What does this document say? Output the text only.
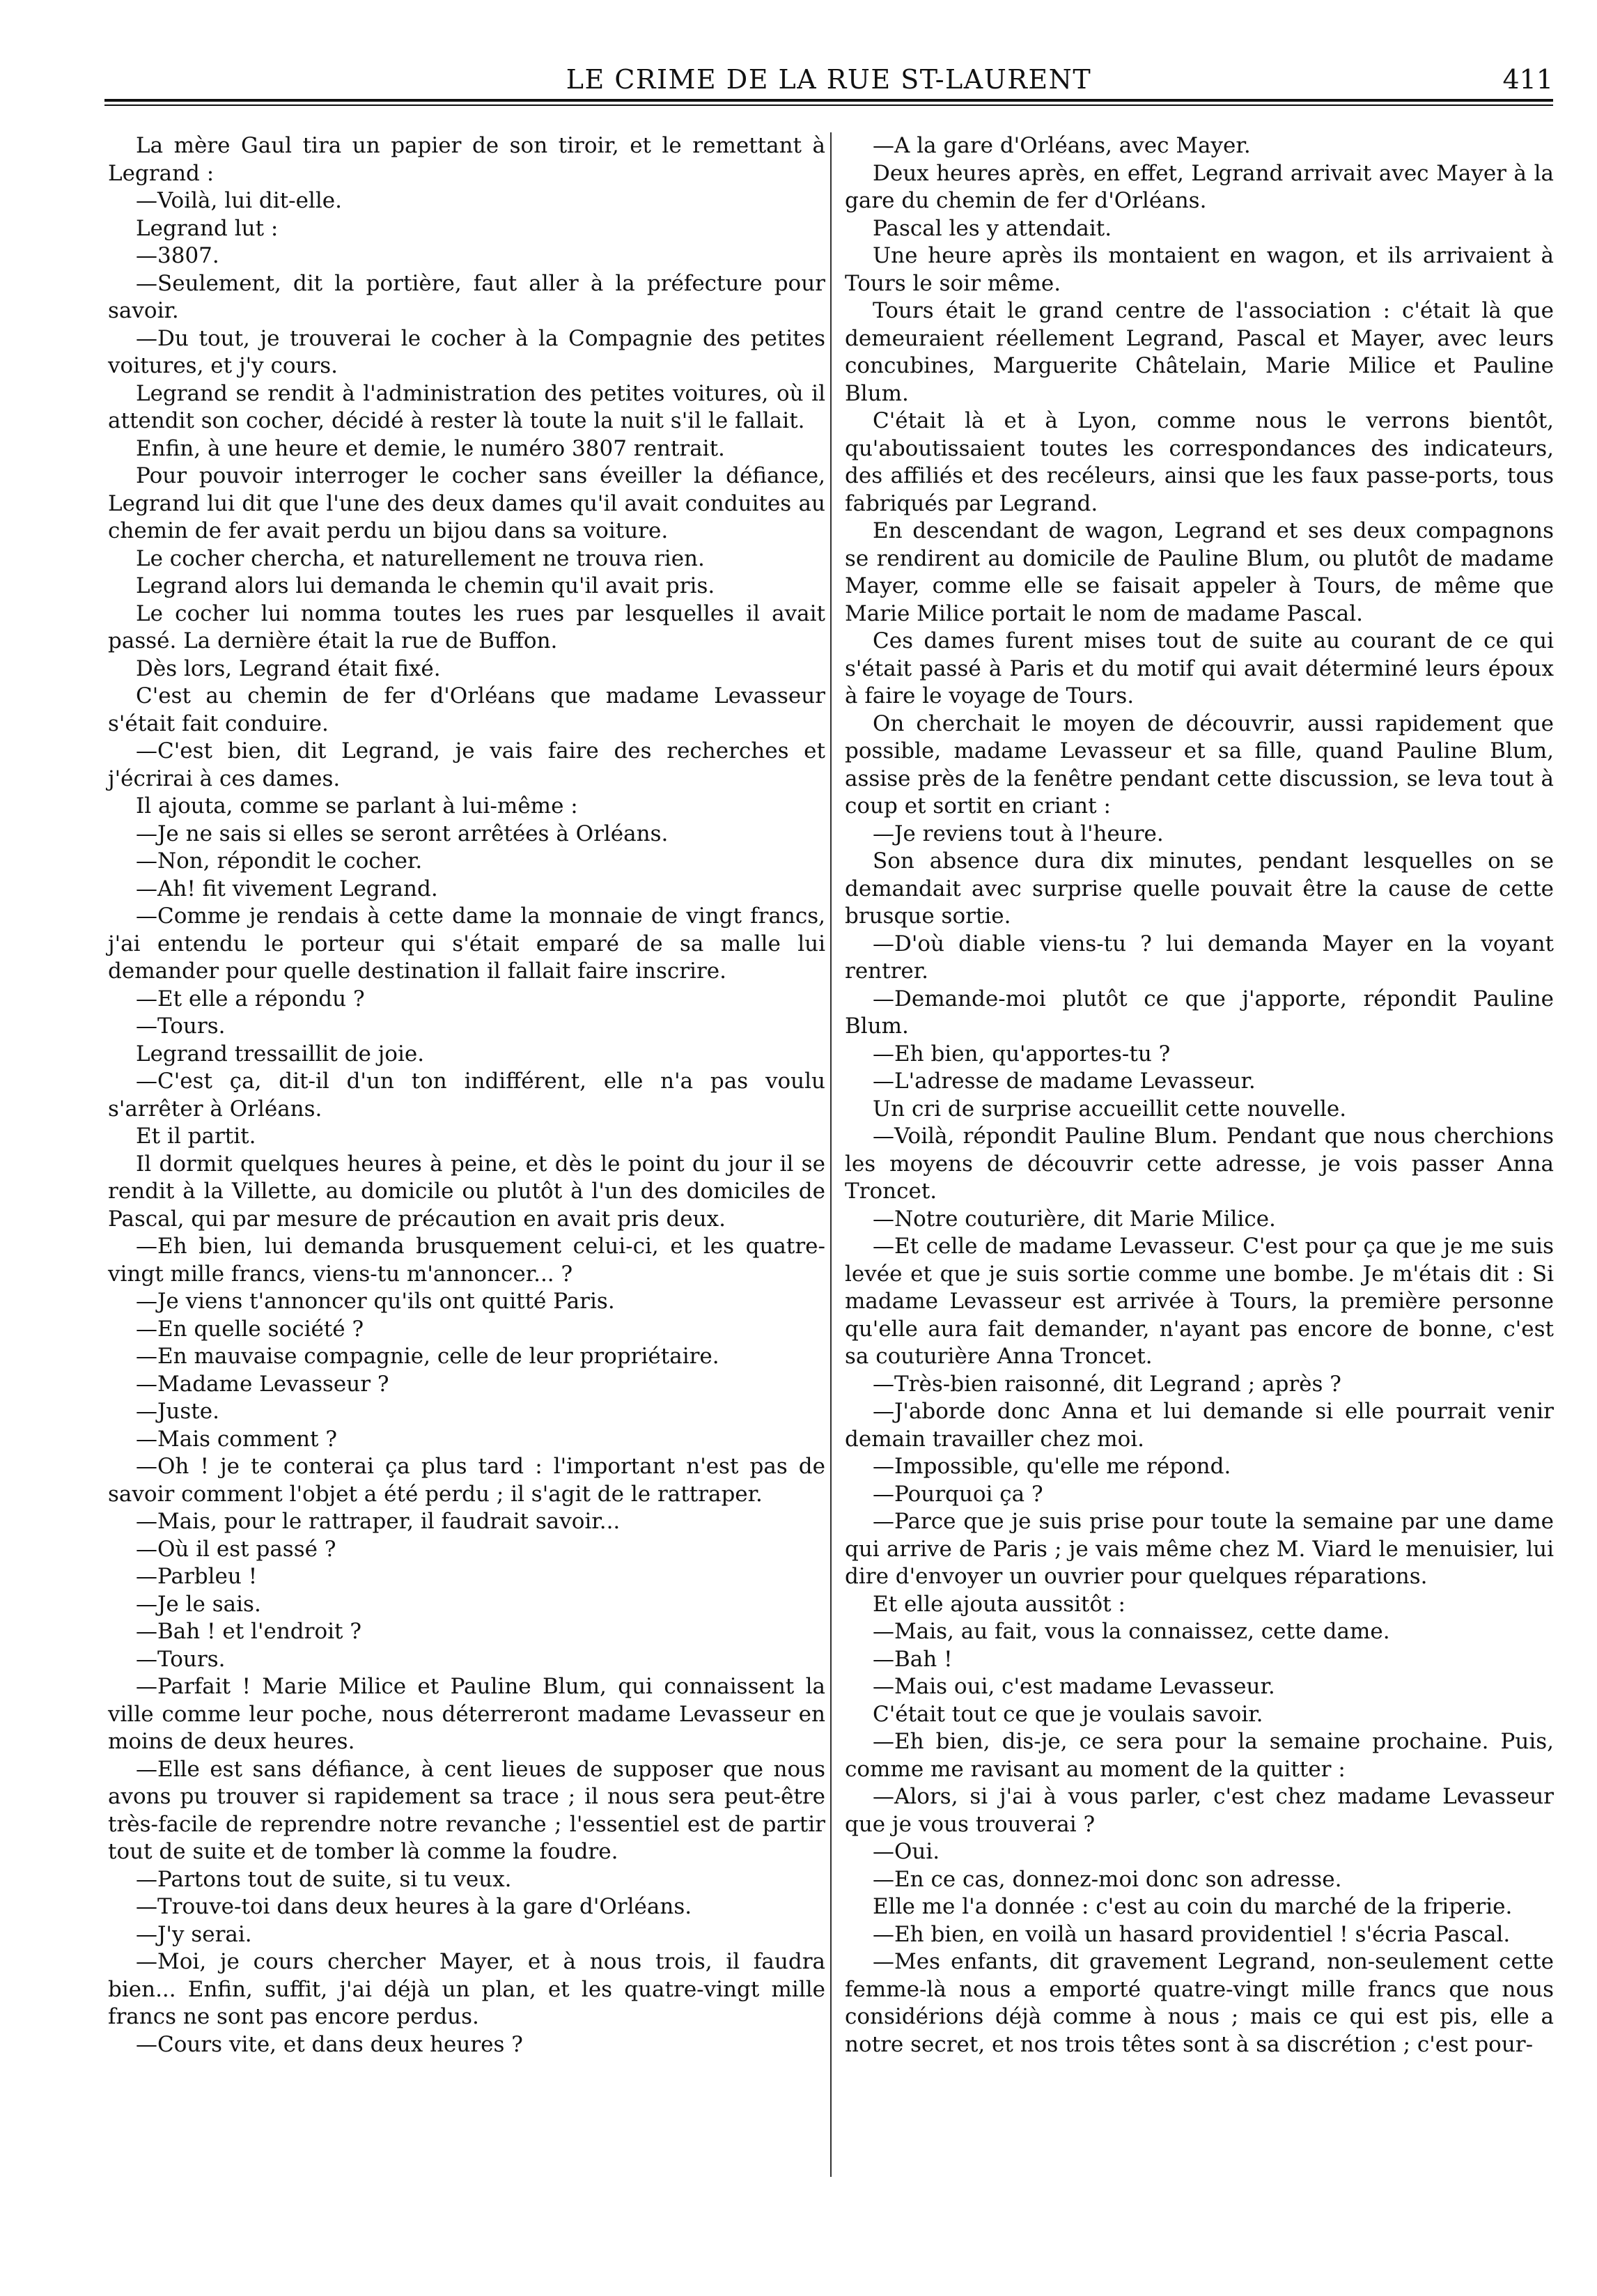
LE CRIME DE LA RUE ST-LAURENT	411

La mère Gaul tira un papier de son tiroir, et le remettant à Legrand :

—Voilà, lui dit-elle.

Legrand lut :

—3807.

—Seulement, dit la portière, faut aller à la préfecture pour savoir.

—Du tout, je trouverai le cocher à la Compagnie des petites voitures, et j'y cours.

Legrand se rendit à l'administration des petites voitures, où il attendit son cocher, décidé à rester là toute la nuit s'il le fallait.

Enfin, à une heure et demie, le numéro 3807 rentrait.

Pour pouvoir interroger le cocher sans éveiller la défiance, Legrand lui dit que l'une des deux dames qu'il avait conduites au chemin de fer avait perdu un bijou dans sa voiture.

Le cocher chercha, et naturellement ne trouva rien.

Legrand alors lui demanda le chemin qu'il avait pris.

Le cocher lui nomma toutes les rues par lesquelles il avait passé. La dernière était la rue de Buffon.

Dès lors, Legrand était fixé.

C'est au chemin de fer d'Orléans que madame Levasseur s'était fait conduire.

—C'est bien, dit Legrand, je vais faire des recherches et j'écrirai à ces dames.

Il ajouta, comme se parlant à lui-même :

—Je ne sais si elles se seront arrêtées à Orléans.

—Non, répondit le cocher.

—Ah! fit vivement Legrand.

—Comme je rendais à cette dame la monnaie de vingt francs, j'ai entendu le porteur qui s'était emparé de sa malle lui demander pour quelle destination il fallait faire inscrire.

—Et elle a répondu ?

—Tours.

Legrand tressaillit de joie.

—C'est ça, dit-il d'un ton indifférent, elle n'a pas voulu s'arrêter à Orléans.

Et il partit.

Il dormit quelques heures à peine, et dès le point du jour il se rendit à la Villette, au domicile ou plutôt à l'un des domiciles de Pascal, qui par mesure de précaution en avait pris deux.

—Eh bien, lui demanda brusquement celui-ci, et les quatre-vingt mille francs, viens-tu m'annoncer... ?

—Je viens t'annoncer qu'ils ont quitté Paris.

—En quelle société ?

—En mauvaise compagnie, celle de leur propriétaire.

—Madame Levasseur ?

—Juste.

—Mais comment ?

—Oh ! je te conterai ça plus tard : l'important n'est pas de savoir comment l'objet a été perdu ; il s'agit de le rattraper.

—Mais, pour le rattraper, il faudrait savoir...

—Où il est passé ?

—Parbleu !

—Je le sais.

—Bah ! et l'endroit ?

—Tours.

—Parfait ! Marie Milice et Pauline Blum, qui connaissent la ville comme leur poche, nous déterreront madame Levasseur en moins de deux heures.

—Elle est sans défiance, à cent lieues de supposer que nous avons pu trouver si rapidement sa trace ; il nous sera peut-être très-facile de reprendre notre revanche ; l'essentiel est de partir tout de suite et de tomber là comme la foudre.

—Partons tout de suite, si tu veux.

—Trouve-toi dans deux heures à la gare d'Orléans.

—J'y serai.

—Moi, je cours chercher Mayer, et à nous trois, il faudra bien... Enfin, suffit, j'ai déjà un plan, et les quatre-vingt mille francs ne sont pas encore perdus.

—Cours vite, et dans deux heures ?

—A la gare d'Orléans, avec Mayer.

Deux heures après, en effet, Legrand arrivait avec Mayer à la gare du chemin de fer d'Orléans.

Pascal les y attendait.

Une heure après ils montaient en wagon, et ils arrivaient à Tours le soir même.

Tours était le grand centre de l'association : c'était là que demeuraient réellement Legrand, Pascal et Mayer, avec leurs concubines, Marguerite Châtelain, Marie Milice et Pauline Blum.

C'était là et à Lyon, comme nous le verrons bientôt, qu'aboutissaient toutes les correspondances des indicateurs, des affiliés et des recéleurs, ainsi que les faux passe-ports, tous fabriqués par Legrand.

En descendant de wagon, Legrand et ses deux compagnons se rendirent au domicile de Pauline Blum, ou plutôt de madame Mayer, comme elle se faisait appeler à Tours, de même que Marie Milice portait le nom de madame Pascal.

Ces dames furent mises tout de suite au courant de ce qui s'était passé à Paris et du motif qui avait déterminé leurs époux à faire le voyage de Tours.

On cherchait le moyen de découvrir, aussi rapidement que possible, madame Levasseur et sa fille, quand Pauline Blum, assise près de la fenêtre pendant cette discussion, se leva tout à coup et sortit en criant :

—Je reviens tout à l'heure.

Son absence dura dix minutes, pendant lesquelles on se demandait avec surprise quelle pouvait être la cause de cette brusque sortie.

—D'où diable viens-tu ? lui demanda Mayer en la voyant rentrer.

—Demande-moi plutôt ce que j'apporte, répondit Pauline Blum.

—Eh bien, qu'apportes-tu ?

—L'adresse de madame Levasseur.

Un cri de surprise accueillit cette nouvelle.

—Voilà, répondit Pauline Blum. Pendant que nous cherchions les moyens de découvrir cette adresse, je vois passer Anna Troncet.

—Notre couturière, dit Marie Milice.

—Et celle de madame Levasseur. C'est pour ça que je me suis levée et que je suis sortie comme une bombe. Je m'étais dit : Si madame Levasseur est arrivée à Tours, la première personne qu'elle aura fait demander, n'ayant pas encore de bonne, c'est sa couturière Anna Troncet.

—Très-bien raisonné, dit Legrand ; après ?

—J'aborde donc Anna et lui demande si elle pourrait venir demain travailler chez moi.

—Impossible, qu'elle me répond.

—Pourquoi ça ?

—Parce que je suis prise pour toute la semaine par une dame qui arrive de Paris ; je vais même chez M. Viard le menuisier, lui dire d'envoyer un ouvrier pour quelques réparations.

Et elle ajouta aussitôt :

—Mais, au fait, vous la connaissez, cette dame.

—Bah !

—Mais oui, c'est madame Levasseur.

C'était tout ce que je voulais savoir.

—Eh bien, dis-je, ce sera pour la semaine prochaine. Puis, comme me ravisant au moment de la quitter :

—Alors, si j'ai à vous parler, c'est chez madame Levasseur que je vous trouverai ?

—Oui.

—En ce cas, donnez-moi donc son adresse.

Elle me l'a donnée : c'est au coin du marché de la friperie.

—Eh bien, en voilà un hasard providentiel ! s'écria Pascal.

—Mes enfants, dit gravement Legrand, non-seulement cette femme-là nous a emporté quatre-vingt mille francs que nous considérions déjà comme à nous ; mais ce qui est pis, elle a notre secret, et nos trois têtes sont à sa discrétion ; c'est pour-
